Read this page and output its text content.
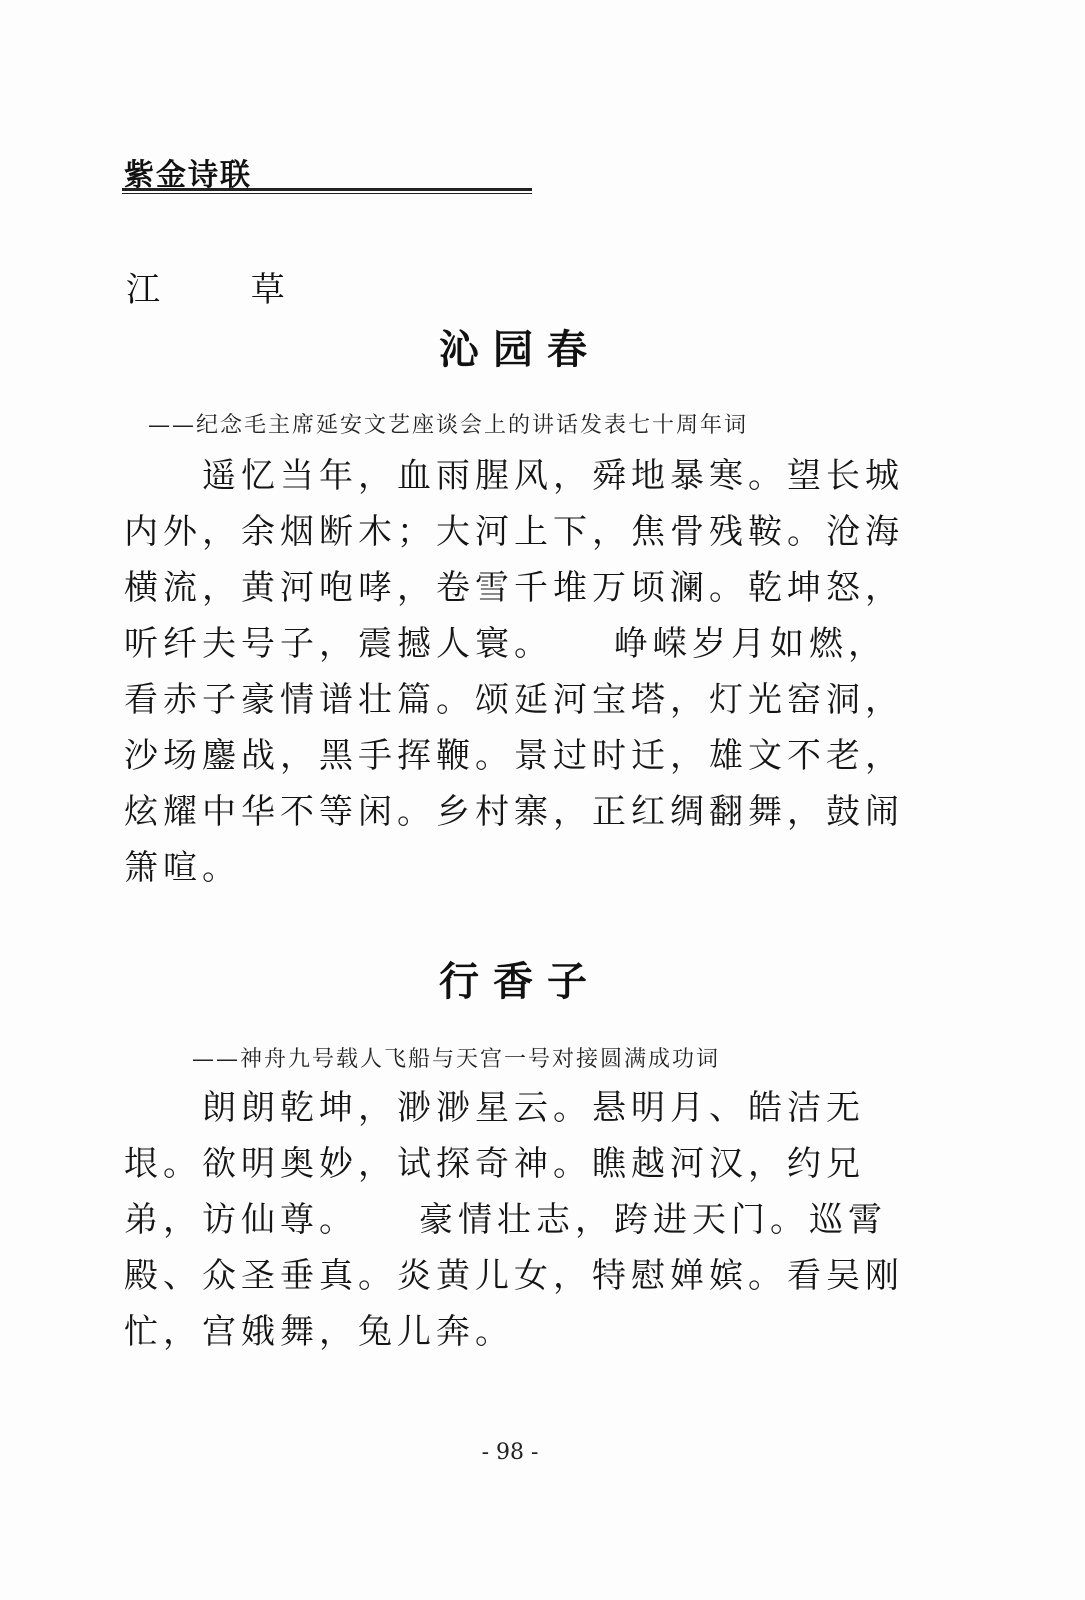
紫金诗联

江 草

沁园春

——纪念毛主席延安文艺座谈会上的讲话发表七十周年词

遥忆当年，血雨腥风，舜地暴寒。望长城内外，余烟断木；大河上下，焦骨残鞍。沧海横流，黄河咆哮，卷雪千堆万顷澜。乾坤怒，听纤夫号子，震撼人寰。　　峥嵘岁月如燃，看赤子豪情谱壮篇。颂延河宝塔，灯光窑洞，沙场鏖战，黑手挥鞭。景过时迁，雄文不老，炫耀中华不等闲。乡村寨，正红绸翻舞，鼓闹箫喧。

行香子

——神舟九号载人飞船与天宫一号对接圆满成功词

朗朗乾坤，渺渺星云。悬明月、皓洁无垠。欲明奥妙，试探奇神。瞧越河汉，约兄弟，访仙尊。　　豪情壮志，跨进天门。巡霄殿、众圣垂真。炎黄儿女，特慰婵嫔。看吴刚忙，宫娥舞，兔儿奔。

- 98 -
